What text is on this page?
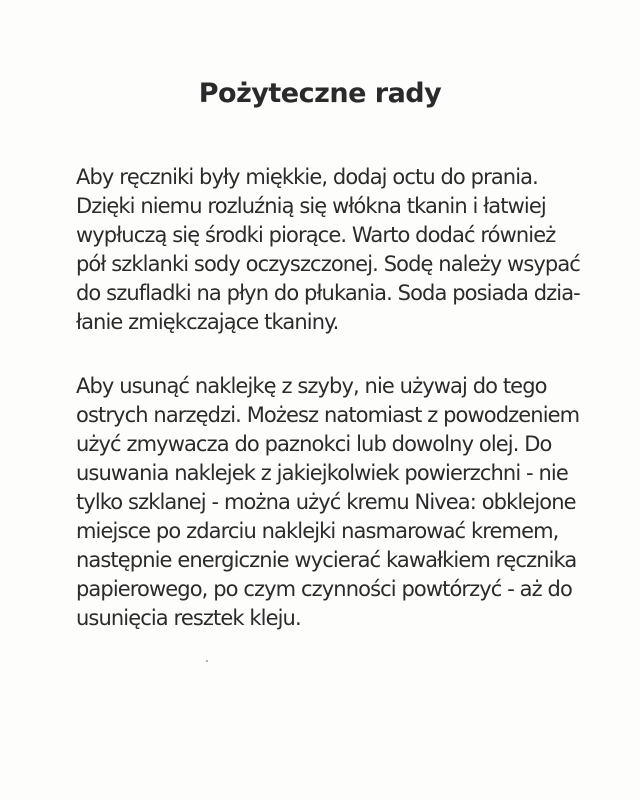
Pożyteczne rady

Aby ręczniki były miękkie, dodaj octu do prania.
Dzięki niemu rozluźnią się włókna tkanin i łatwiej
wypłuczą się środki piorące. Warto dodać również
pół szklanki sody oczyszczonej. Sodę należy wsypać
do szufladki na płyn do płukania. Soda posiada dzia-
łanie zmiękczające tkaniny.

Aby usunąć naklejkę z szyby, nie używaj do tego
ostrych narzędzi. Możesz natomiast z powodzeniem
użyć zmywacza do paznokci lub dowolny olej. Do
usuwania naklejek z jakiejkolwiek powierzchni - nie
tylko szklanej - można użyć kremu Nivea: obklejone
miejsce po zdarciu naklejki nasmarować kremem,
następnie energicznie wycierać kawałkiem ręcznika
papierowego, po czym czynności powtórzyć - aż do
usunięcia resztek kleju.
